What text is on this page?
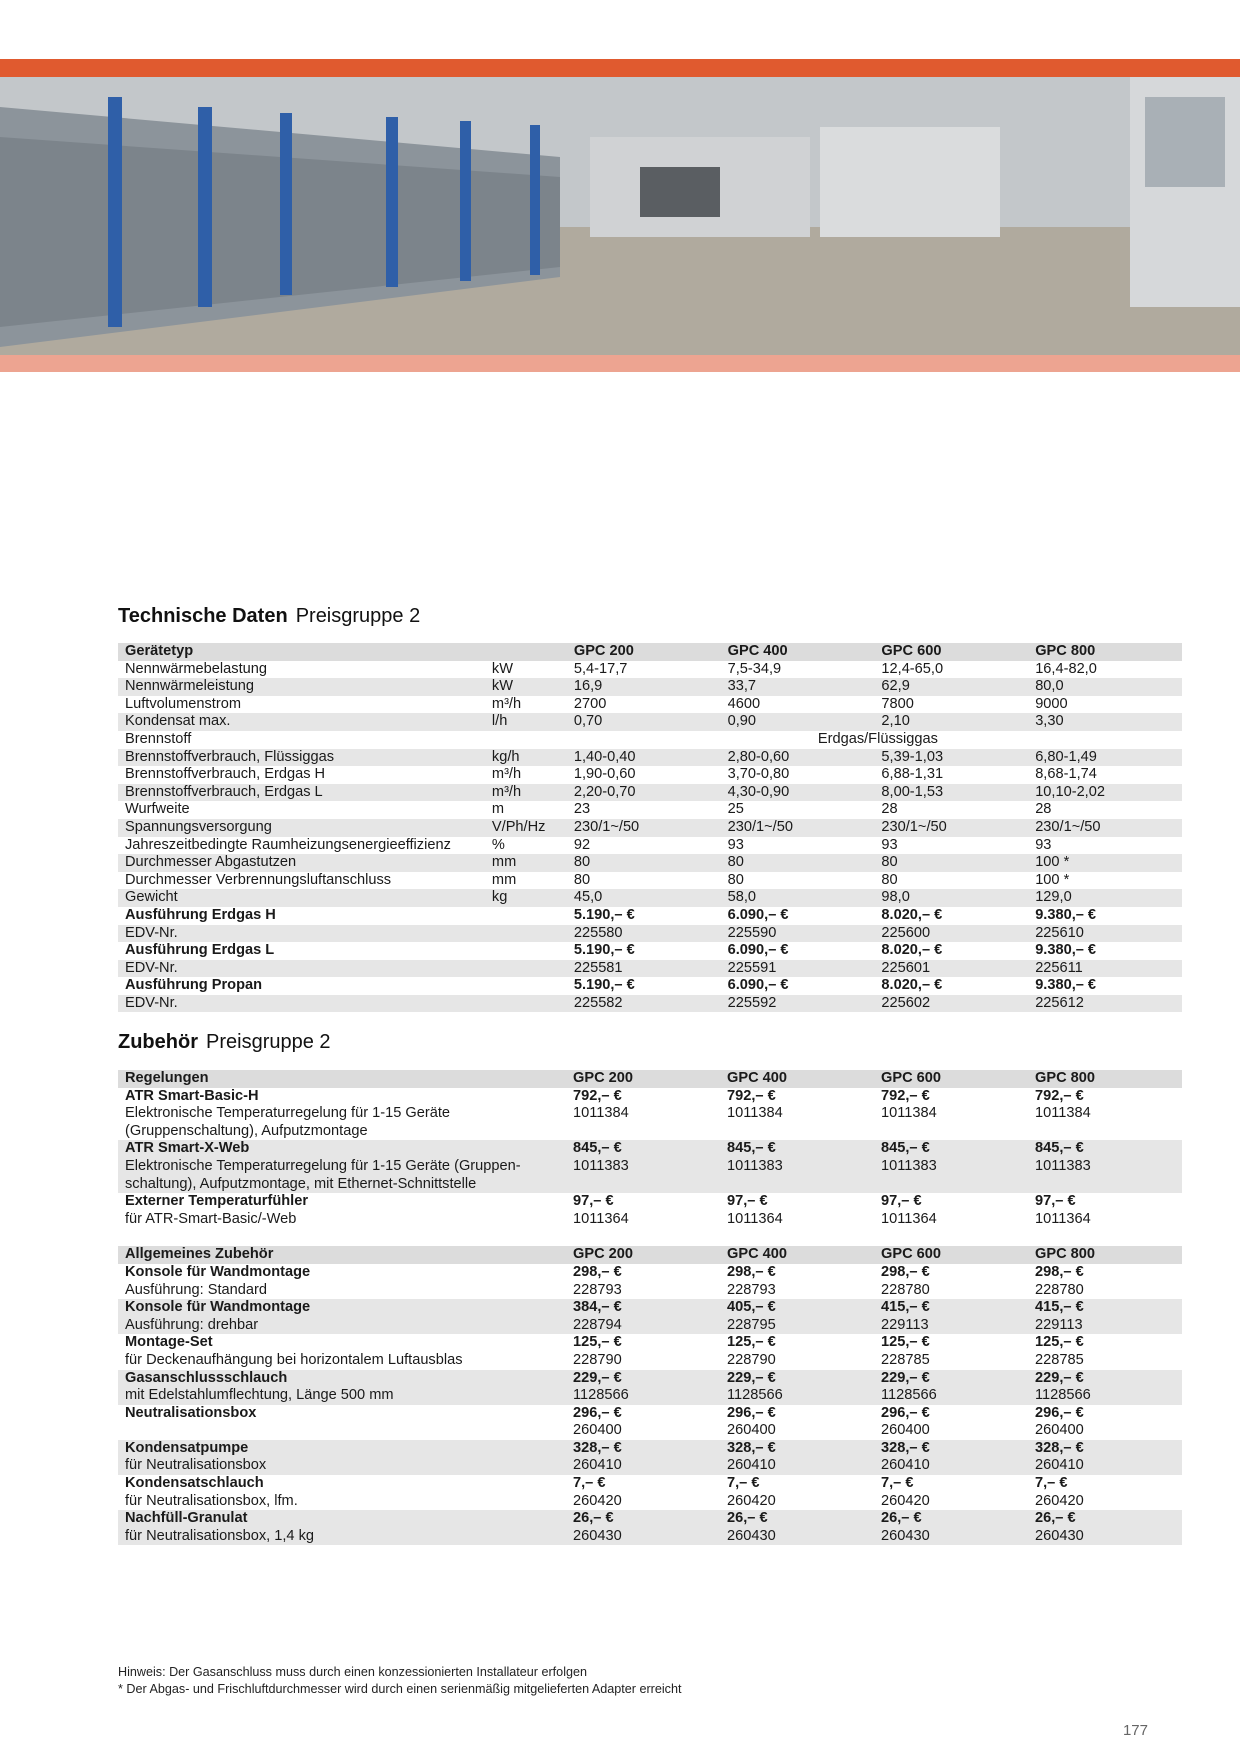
Technische Daten Preisgruppe 2
Gerätetyp		GPC 200	GPC 400	GPC 600	GPC 800
Nennwärmebelastung	kW	5,4-17,7	7,5-34,9	12,4-65,0	16,4-82,0
Nennwärmeleistung	kW	16,9	33,7	62,9	80,0
Luftvolumenstrom	m³/h	2700	4600	7800	9000
Kondensat max.	l/h	0,70	0,90	2,10	3,30
Brennstoff		Erdgas/Flüssiggas			
Brennstoffverbrauch, Flüssiggas	kg/h	1,40-0,40	2,80-0,60	5,39-1,03	6,80-1,49
Brennstoffverbrauch, Erdgas H	m³/h	1,90-0,60	3,70-0,80	6,88-1,31	8,68-1,74
Brennstoffverbrauch, Erdgas L	m³/h	2,20-0,70	4,30-0,90	8,00-1,53	10,10-2,02
Wurfweite	m	23	25	28	28
Spannungsversorgung	V/Ph/Hz	230/1~/50	230/1~/50	230/1~/50	230/1~/50
Jahreszeitbedingte Raumheizungsenergieeffizienz	%	92	93	93	93
Durchmesser Abgastutzen	mm	80	80	80	100 *
Durchmesser Verbrennungsluftanschluss	mm	80	80	80	100 *
Gewicht	kg	45,0	58,0	98,0	129,0
Ausführung Erdgas H		5.190,– €	6.090,– €	8.020,– €	9.380,– €
EDV-Nr.		225580	225590	225600	225610
Ausführung Erdgas L		5.190,– €	6.090,– €	8.020,– €	9.380,– €
EDV-Nr.		225581	225591	225601	225611
Ausführung Propan		5.190,– €	6.090,– €	8.020,– €	9.380,– €
EDV-Nr.		225582	225592	225602	225612
Zubehör Preisgruppe 2
Regelungen	GPC 200	GPC 400	GPC 600	GPC 800
ATR Smart-Basic-H	792,– €	792,– €	792,– €	792,– €
Elektronische Temperaturregelung für 1-15 Geräte (Gruppenschaltung), Aufputzmontage	1011384	1011384	1011384	1011384
ATR Smart-X-Web	845,– €	845,– €	845,– €	845,– €
Elektronische Temperaturregelung für 1-15 Geräte (Gruppen-schaltung), Aufputzmontage, mit Ethernet-Schnittstelle	1011383	1011383	1011383	1011383
Externer Temperaturfühler	97,– €	97,– €	97,– €	97,– €
für ATR-Smart-Basic/-Web	1011364	1011364	1011364	1011364

Allgemeines Zubehör	GPC 200	GPC 400	GPC 600	GPC 800
Konsole für Wandmontage	298,– €	298,– €	298,– €	298,– €
Ausführung: Standard	228793	228793	228780	228780
Konsole für Wandmontage	384,– €	405,– €	415,– €	415,– €
Ausführung: drehbar	228794	228795	229113	229113
Montage-Set	125,– €	125,– €	125,– €	125,– €
für Deckenaufhängung bei horizontalem Luftausblas	228790	228790	228785	228785
Gasanschlussschlauch	229,– €	229,– €	229,– €	229,– €
mit Edelstahlumflechtung, Länge 500 mm	1128566	1128566	1128566	1128566
Neutralisationsbox	296,– €	296,– €	296,– €	296,– €
	260400	260400	260400	260400
Kondensatpumpe	328,– €	328,– €	328,– €	328,– €
für Neutralisationsbox	260410	260410	260410	260410
Kondensatschlauch	7,– €	7,– €	7,– €	7,– €
für Neutralisationsbox, lfm.	260420	260420	260420	260420
Nachfüll-Granulat	26,– €	26,– €	26,– €	26,– €
für Neutralisationsbox, 1,4 kg	260430	260430	260430	260430
Hinweis: Der Gasanschluss muss durch einen konzessionierten Installateur erfolgen
* Der Abgas- und Frischluftdurchmesser wird durch einen serienmäßig mitgelieferten Adapter erreicht
177
